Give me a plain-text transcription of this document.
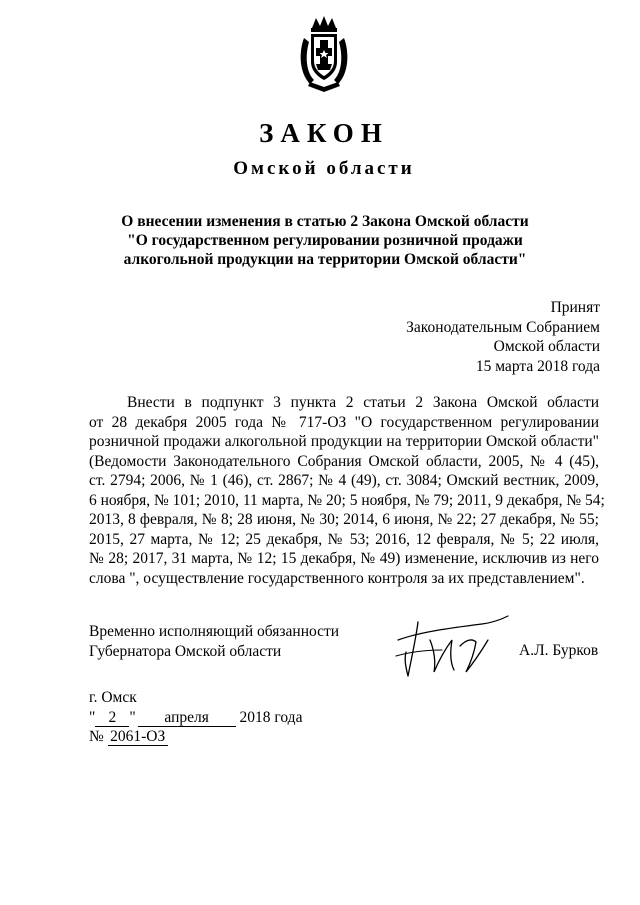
ЗАКОН
Омской области
О внесении изменения в статью 2 Закона Омской области
"О государственном регулировании розничной продажи
алкогольной продукции на территории Омской области"
Принят
Законодательным Собранием
Омской области
15 марта 2018 года
Внести в подпункт 3 пункта 2 статьи 2 Закона Омской области
от 28 декабря 2005 года № 717-ОЗ "О государственном регулировании
розничной продажи алкогольной продукции на территории Омской области"
(Ведомости Законодательного Собрания Омской области, 2005, № 4 (45),
ст. 2794; 2006, № 1 (46), ст. 2867; № 4 (49), ст. 3084; Омский вестник, 2009,
6 ноября, № 101; 2010, 11 марта, № 20; 5 ноября, № 79; 2011, 9 декабря, № 54;
2013, 8 февраля, № 8; 28 июня, № 30; 2014, 6 июня, № 22; 27 декабря, № 55;
2015, 27 марта, № 12; 25 декабря, № 53; 2016, 12 февраля, № 5; 22 июля,
№ 28; 2017, 31 марта, № 12; 15 декабря, № 49) изменение, исключив из него
слова ", осуществление государственного контроля за их представлением".
Временно исполняющий обязанности
Губернатора Омской области	А.Л. Бурков
г. Омск
" 2 " апреля 2018 года
№ 2061-ОЗ
